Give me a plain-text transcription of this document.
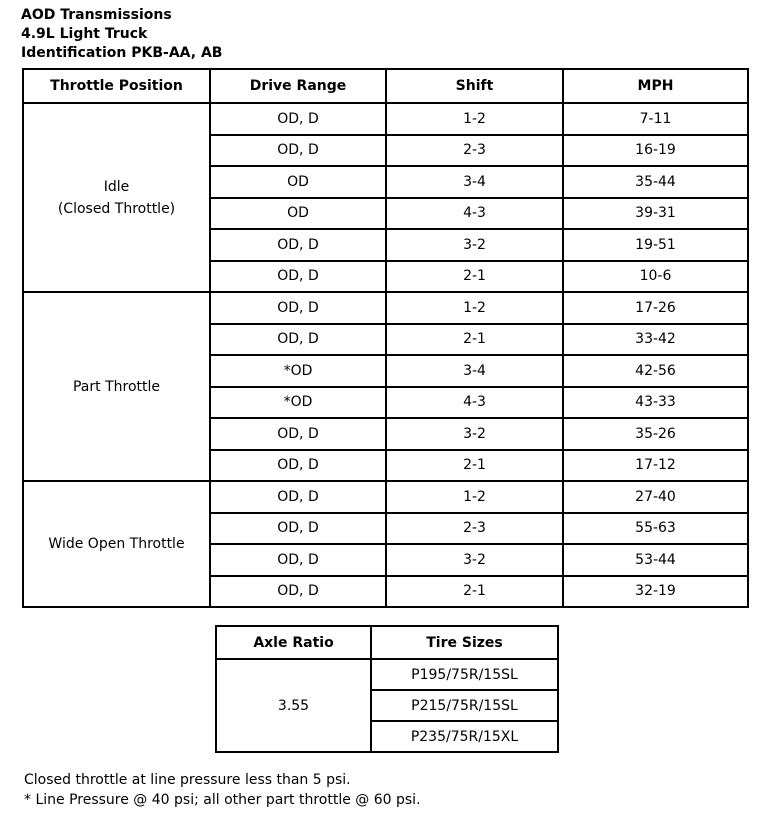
AOD Transmissions
4.9L Light Truck
Identification PKB-AA, AB
Throttle Position	Drive Range	Shift	MPH

Idle
(Closed Throttle)	OD, D	1-2	7-11
	OD, D	2-3	16-19
	OD	3-4	35-44
	OD	4-3	39-31
	OD, D	3-2	19-51
	OD, D	2-1	10-6

Part Throttle	OD, D	1-2	17-26
	OD, D	2-1	33-42
	*OD	3-4	42-56
	*OD	4-3	43-33
	OD, D	3-2	35-26
	OD, D	2-1	17-12

Wide Open Throttle	OD, D	1-2	27-40
	OD, D	2-3	55-63
	OD, D	3-2	53-44
	OD, D	2-1	32-19
Axle Ratio	Tire Sizes
3.55	P195/75R/15SL
	P215/75R/15SL
	P235/75R/15XL

Closed throttle at line pressure less than 5 psi.

* Line Pressure @ 40 psi; all other part throttle @ 60 psi.
